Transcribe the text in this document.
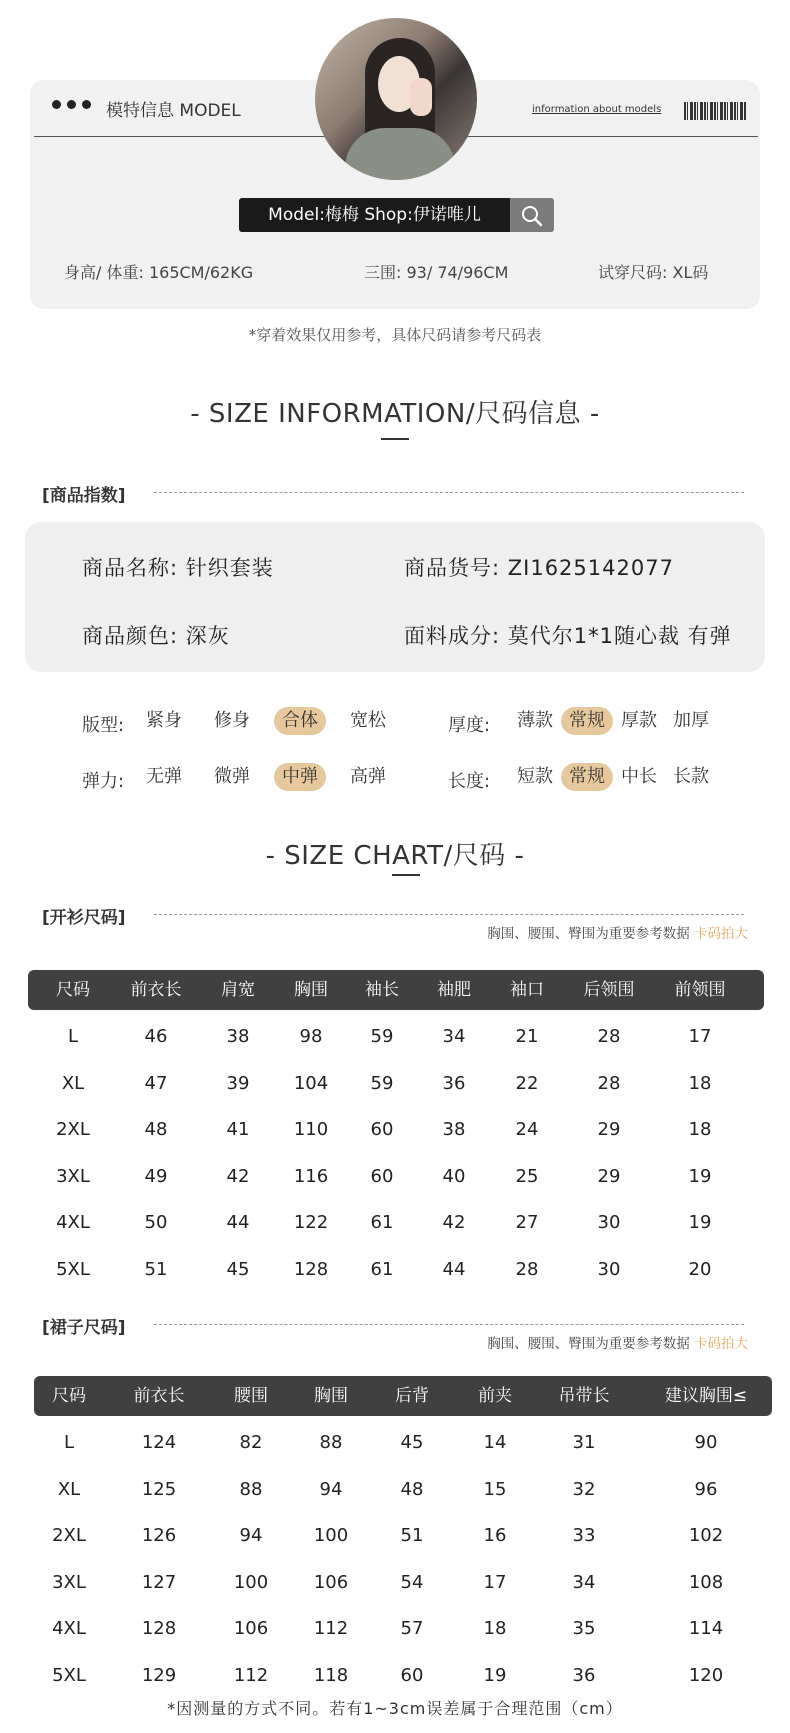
模特信息 MODEL	information about models
Model:梅梅 Shop:伊诺唯儿
身高/ 体重: 165CM/62KG	三围: 93/ 74/96CM	试穿尺码: XL码
*穿着效果仅用参考，具体尺码请参考尺码表
- SIZE INFORMATION/尺码信息 -
[商品指数]
商品名称: 针织套装	商品货号: ZI1625142077
商品颜色: 深灰	面料成分: 莫代尔1*1随心裁 有弹
版型:	紧身	修身	合体	宽松	厚度:	薄款 常规 厚款 加厚
弹力:	无弹	微弹	中弹	高弹	长度:	短款 常规 中长 长款
- SIZE CHART/尺码 -
[开衫尺码]
胸围、腰围、臀围为重要参考数据 卡码拍大
尺码	前衣长	肩宽	胸围	袖长	袖肥	袖口	后领围	前领围
L	46	38	98	59	34	21	28	17
XL	47	39	104	59	36	22	28	18
2XL	48	41	110	60	38	24	29	18
3XL	49	42	116	60	40	25	29	19
4XL	50	44	122	61	42	27	30	19
5XL	51	45	128	61	44	28	30	20
[裙子尺码]
胸围、腰围、臀围为重要参考数据 卡码拍大
尺码	前衣长	腰围	胸围	后背	前夹	吊带长	建议胸围≤
L	124	82	88	45	14	31	90
XL	125	88	94	48	15	32	96
2XL	126	94	100	51	16	33	102
3XL	127	100	106	54	17	34	108
4XL	128	106	112	57	18	35	114
5XL	129	112	118	60	19	36	120
*因测量的方式不同。若有1~3cm误差属于合理范围（cm）
